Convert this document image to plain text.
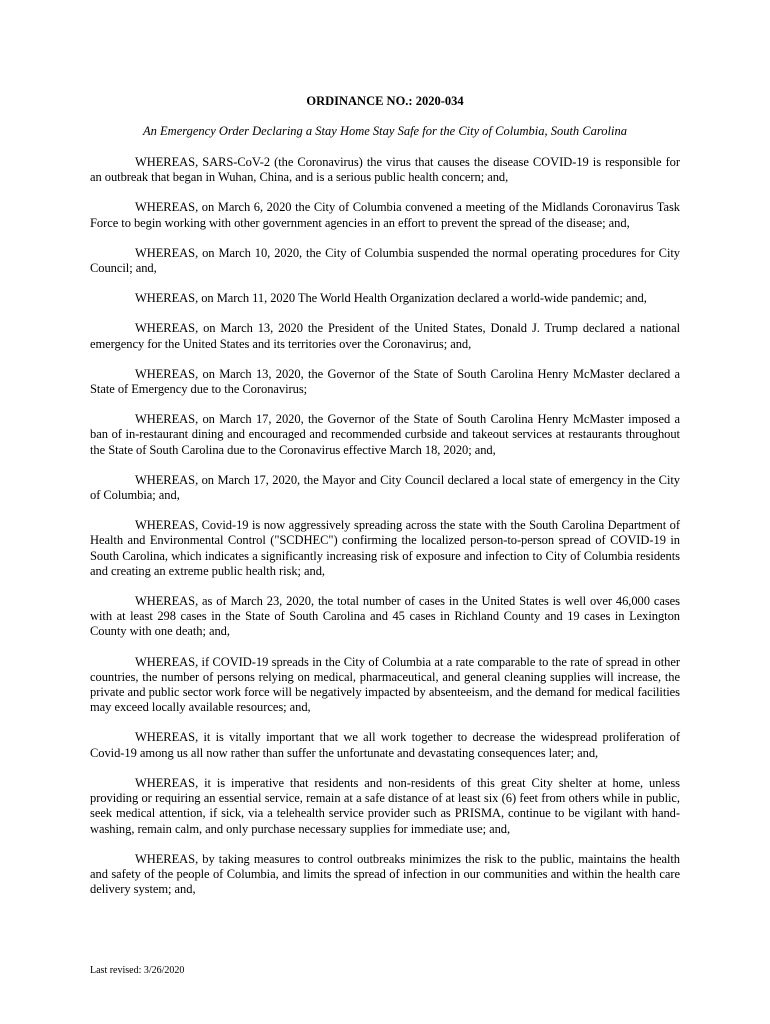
ORDINANCE NO.: 2020-034
An Emergency Order Declaring a Stay Home Stay Safe for the City of Columbia, South Carolina

WHEREAS, SARS-CoV-2 (the Coronavirus) the virus that causes the disease COVID-19 is responsible for an outbreak that began in Wuhan, China, and is a serious public health concern; and,

WHEREAS, on March 6, 2020 the City of Columbia convened a meeting of the Midlands Coronavirus Task Force to begin working with other government agencies in an effort to prevent the spread of the disease; and,

WHEREAS, on March 10, 2020, the City of Columbia suspended the normal operating procedures for City Council; and,

WHEREAS, on March 11, 2020 The World Health Organization declared a world-wide pandemic; and,

WHEREAS, on March 13, 2020 the President of the United States, Donald J. Trump declared a national emergency for the United States and its territories over the Coronavirus; and,

WHEREAS, on March 13, 2020, the Governor of the State of South Carolina Henry McMaster declared a State of Emergency due to the Coronavirus;

WHEREAS, on March 17, 2020, the Governor of the State of South Carolina Henry McMaster imposed a ban of in-restaurant dining and encouraged and recommended curbside and takeout services at restaurants throughout the State of South Carolina due to the Coronavirus effective March 18, 2020; and,

WHEREAS, on March 17, 2020, the Mayor and City Council declared a local state of emergency in the City of Columbia; and,

WHEREAS, Covid-19 is now aggressively spreading across the state with the South Carolina Department of Health and Environmental Control ("SCDHEC") confirming the localized person-to-person spread of COVID-19 in South Carolina, which indicates a significantly increasing risk of exposure and infection to City of Columbia residents and creating an extreme public health risk; and,

WHEREAS, as of March 23, 2020, the total number of cases in the United States is well over 46,000 cases with at least 298 cases in the State of South Carolina and 45 cases in Richland County and 19 cases in Lexington County with one death; and,

WHEREAS, if COVID-19 spreads in the City of Columbia at a rate comparable to the rate of spread in other countries, the number of persons relying on medical, pharmaceutical, and general cleaning supplies will increase, the private and public sector work force will be negatively impacted by absenteeism, and the demand for medical facilities may exceed locally available resources; and,

WHEREAS, it is vitally important that we all work together to decrease the widespread proliferation of Covid-19 among us all now rather than suffer the unfortunate and devastating consequences later; and,

WHEREAS, it is imperative that residents and non-residents of this great City shelter at home, unless providing or requiring an essential service, remain at a safe distance of at least six (6) feet from others while in public, seek medical attention, if sick, via a telehealth service provider such as PRISMA, continue to be vigilant with hand-washing, remain calm, and only purchase necessary supplies for immediate use; and,

WHEREAS, by taking measures to control outbreaks minimizes the risk to the public, maintains the health and safety of the people of Columbia, and limits the spread of infection in our communities and within the health care delivery system; and,

Last revised: 3/26/2020
